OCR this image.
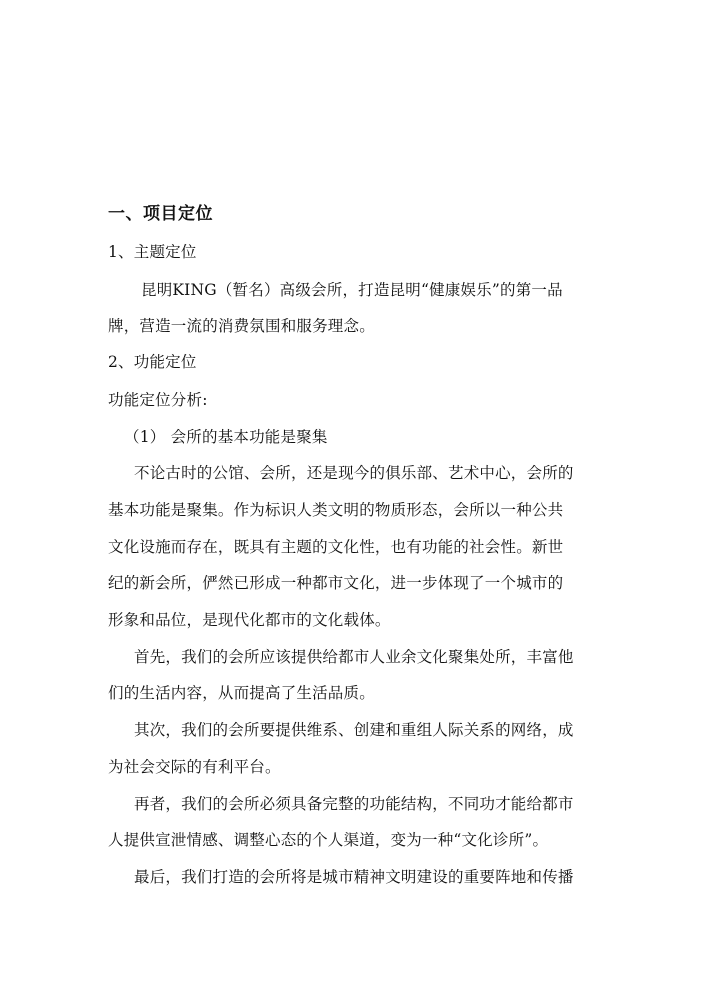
一、项目定位
1、主题定位
昆明KING（暂名）高级会所，打造昆明“健康娱乐”的第一品
牌，营造一流的消费氛围和服务理念。
2、功能定位
功能定位分析:
（1） 会所的基本功能是聚集
不论古时的公馆、会所，还是现今的俱乐部、艺术中心，会所的
基本功能是聚集。作为标识人类文明的物质形态，会所以一种公共
文化设施而存在，既具有主题的文化性，也有功能的社会性。新世
纪的新会所，俨然已形成一种都市文化，进一步体现了一个城市的
形象和品位，是现代化都市的文化载体。
首先，我们的会所应该提供给都市人业余文化聚集处所，丰富他
们的生活内容，从而提高了生活品质。
其次，我们的会所要提供维系、创建和重组人际关系的网络，成
为社会交际的有利平台。
再者，我们的会所必须具备完整的功能结构，不同功才能给都市
人提供宣泄情感、调整心态的个人渠道，变为一种“文化诊所”。
最后，我们打造的会所将是城市精神文明建设的重要阵地和传播
